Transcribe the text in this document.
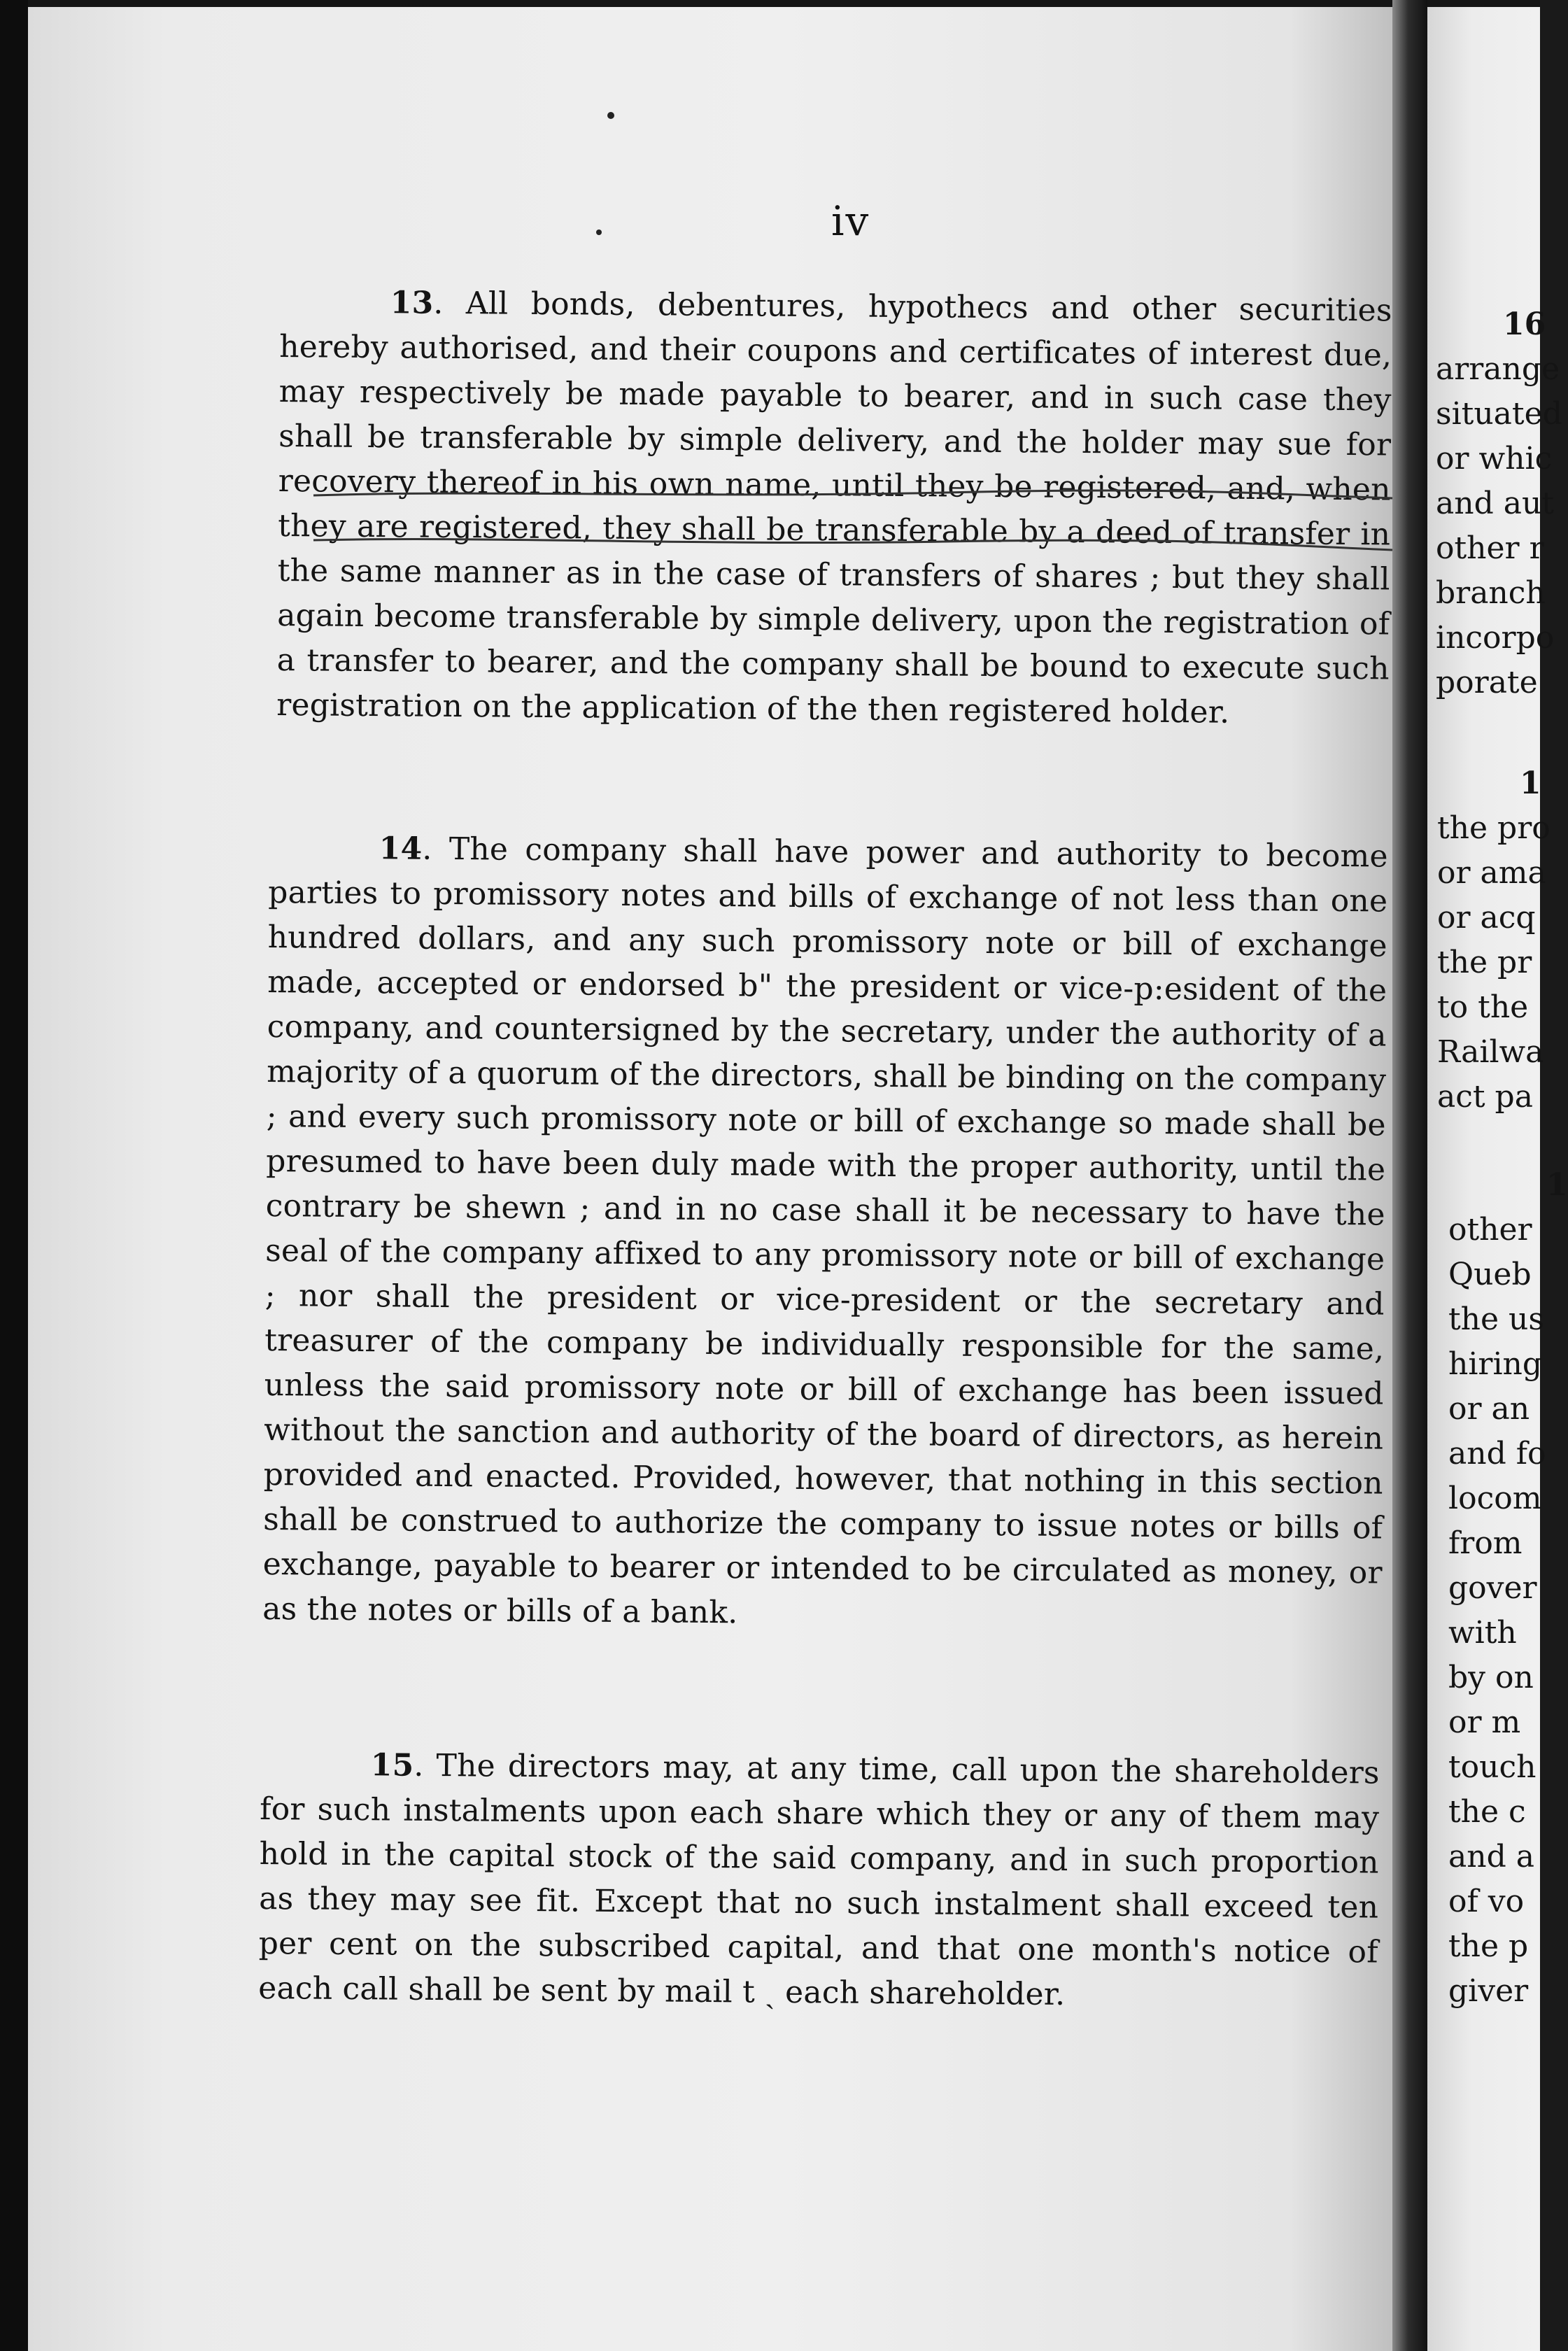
iv

13. All bonds, debentures, hypothecs and other securities hereby authorised, and their coupons and certificates of interest due, may respectively be made payable to bearer, and in such case they shall be transferable by simple delivery, and the holder may sue for recovery thereof in his own name, until they be registered, and, when they are registered, they shall be transferable by a deed of transfer in the same manner as in the case of transfers of shares ; but they shall again become transferable by simple delivery, upon the registration of a transfer to bearer, and the company shall be bound to execute such registration on the application of the then registered holder.

14. The company shall have power and authority to become parties to promissory notes and bills of exchange of not less than one hundred dollars, and any such promissory note or bill of exchange made, accepted or endorsed b" the president or vice-p:esident of the company, and countersigned by the secretary, under the authority of a majority of a quorum of the directors, shall be binding on the company ; and every such promissory note or bill of exchange so made shall be presumed to have been duly made with the proper authority, until the contrary be shewn ; and in no case shall it be necessary to have the seal of the company affixed to any promissory note or bill of exchange ; nor shall the president or vice-president or the secretary and treasurer of the company be individually responsible for the same, unless the said promissory note or bill of exchange has been issued without the sanction and authority of the board of directors, as herein provided and enacted. Provided, however, that nothing in this section shall be construed to authorize the company to issue notes or bills of exchange, payable to bearer or intended to be circulated as money, or as the notes or bills of a bank.

15. The directors may, at any time, call upon the shareholders for such instalments upon each share which they or any of them may hold in the capital stock of the said company, and in such proportion as they may see fit. Except that no such instalment shall exceed ten per cent on the subscribed capital, and that one month's notice of each call shall be sent by mail t ˏ each shareholder.

16
arrange
situated
or whic
and aut
other r
branch
incorpo
porate
1
the pro
or ama
or acq
the pr
to the
Railwa
act pa
1
other
Queb
the us
hiring
or an
and fo
locom
from
gover
with
by on
or m
touch
the c
and a
of vo
the p
giver
